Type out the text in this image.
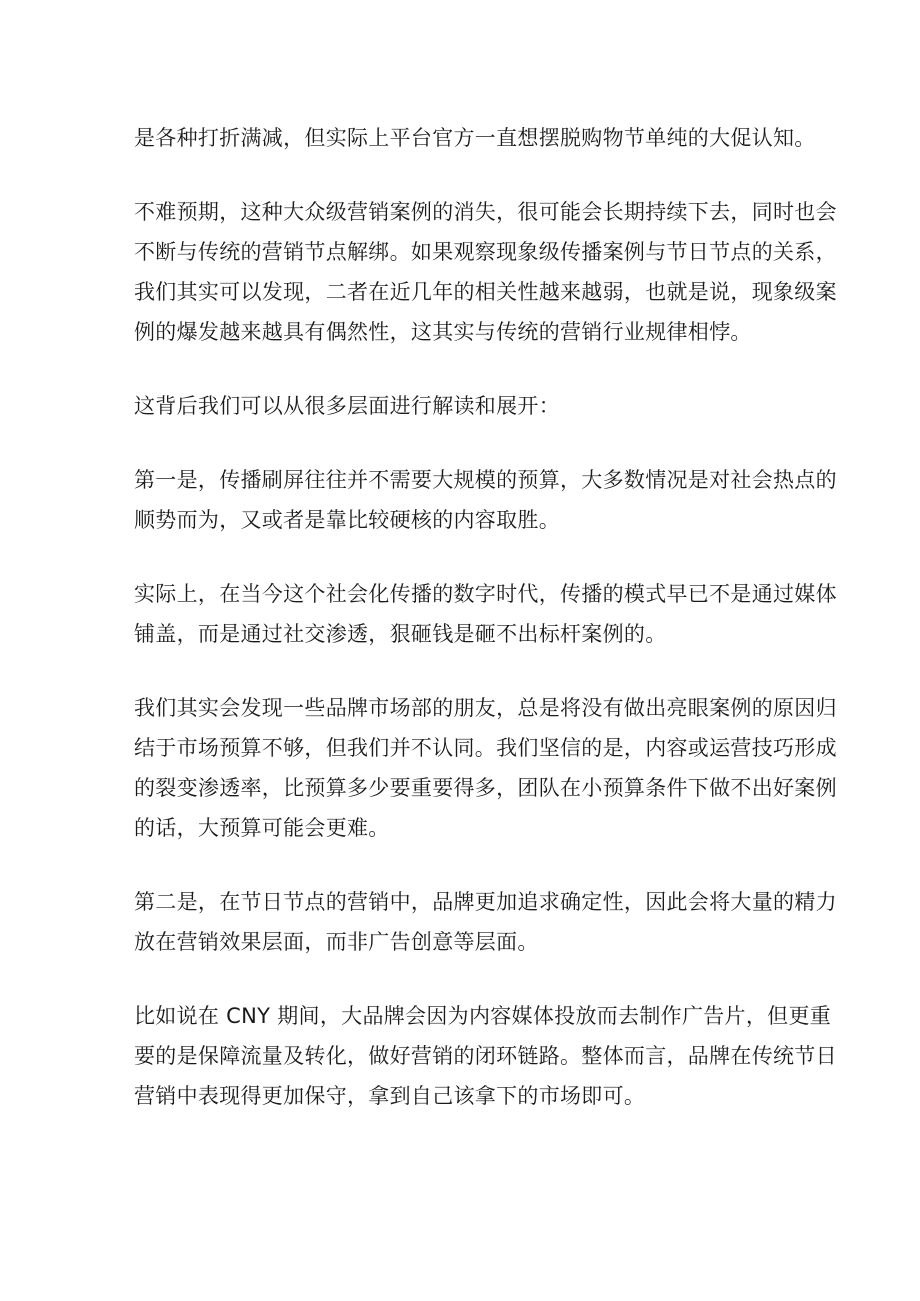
是各种打折满减，但实际上平台官方一直想摆脱购物节单纯的大促认知。

不难预期，这种大众级营销案例的消失，很可能会长期持续下去，同时也会
不断与传统的营销节点解绑。如果观察现象级传播案例与节日节点的关系，
我们其实可以发现，二者在近几年的相关性越来越弱，也就是说，现象级案
例的爆发越来越具有偶然性，这其实与传统的营销行业规律相悖。

这背后我们可以从很多层面进行解读和展开：

第一是，传播刷屏往往并不需要大规模的预算，大多数情况是对社会热点的
顺势而为，又或者是靠比较硬核的内容取胜。

实际上，在当今这个社会化传播的数字时代，传播的模式早已不是通过媒体
铺盖，而是通过社交渗透，狠砸钱是砸不出标杆案例的。

我们其实会发现一些品牌市场部的朋友，总是将没有做出亮眼案例的原因归
结于市场预算不够，但我们并不认同。我们坚信的是，内容或运营技巧形成
的裂变渗透率，比预算多少要重要得多，团队在小预算条件下做不出好案例
的话，大预算可能会更难。

第二是，在节日节点的营销中，品牌更加追求确定性，因此会将大量的精力
放在营销效果层面，而非广告创意等层面。

比如说在 CNY 期间，大品牌会因为内容媒体投放而去制作广告片，但更重
要的是保障流量及转化，做好营销的闭环链路。整体而言，品牌在传统节日
营销中表现得更加保守，拿到自己该拿下的市场即可。
